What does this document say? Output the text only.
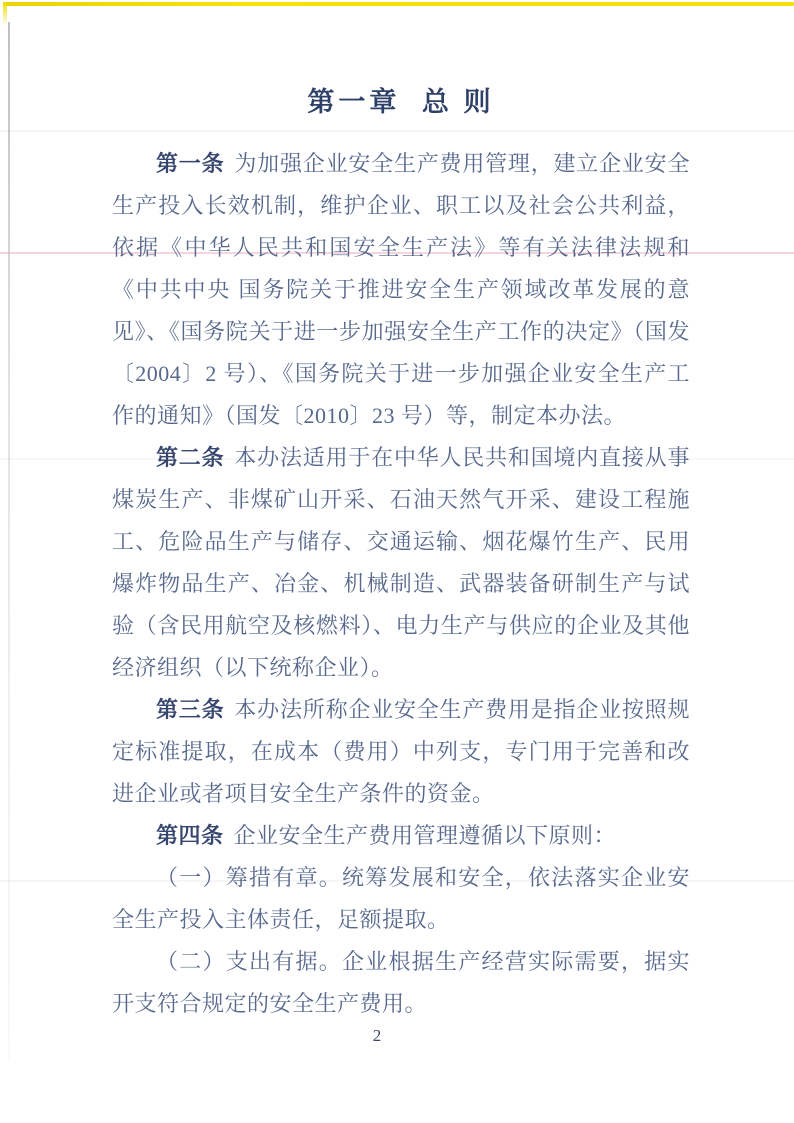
第一章  总 则

第一条 为加强企业安全生产费用管理，建立企业安全生产投入长效机制，维护企业、职工以及社会公共利益，依据《中华人民共和国安全生产法》等有关法律法规和《中共中央 国务院关于推进安全生产领域改革发展的意见》、《国务院关于进一步加强安全生产工作的决定》（国发〔2004〕2 号）、《国务院关于进一步加强企业安全生产工作的通知》（国发〔2010〕23 号）等，制定本办法。

第二条 本办法适用于在中华人民共和国境内直接从事煤炭生产、非煤矿山开采、石油天然气开采、建设工程施工、危险品生产与储存、交通运输、烟花爆竹生产、民用爆炸物品生产、冶金、机械制造、武器装备研制生产与试验（含民用航空及核燃料）、电力生产与供应的企业及其他经济组织（以下统称企业）。

第三条 本办法所称企业安全生产费用是指企业按照规定标准提取，在成本（费用）中列支，专门用于完善和改进企业或者项目安全生产条件的资金。

第四条 企业安全生产费用管理遵循以下原则：

（一）筹措有章。统筹发展和安全，依法落实企业安全生产投入主体责任，足额提取。

（二）支出有据。企业根据生产经营实际需要，据实开支符合规定的安全生产费用。

2
